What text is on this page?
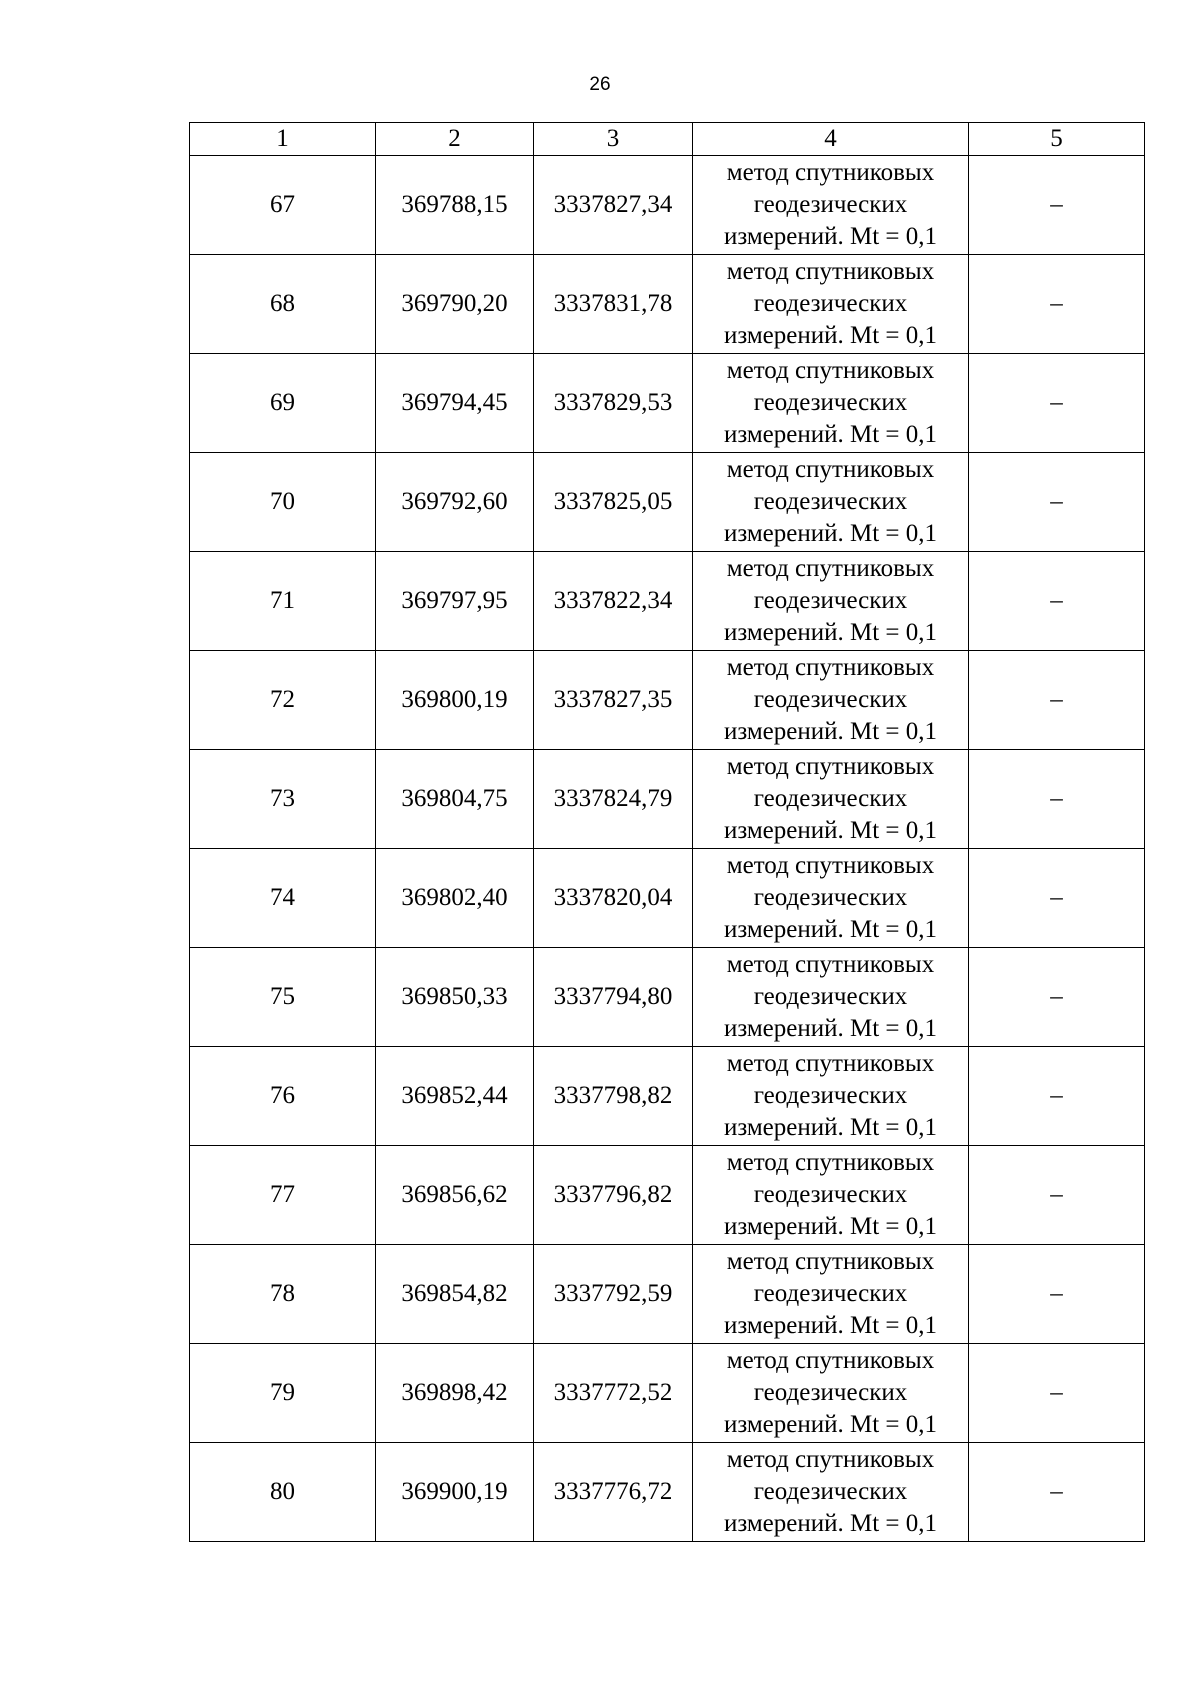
26
1	2	3	4	5
67	369788,15	3337827,34	метод спутниковых
геодезических
измерений. Mt = 0,1	–
68	369790,20	3337831,78	метод спутниковых
геодезических
измерений. Mt = 0,1	–
69	369794,45	3337829,53	метод спутниковых
геодезических
измерений. Mt = 0,1	–
70	369792,60	3337825,05	метод спутниковых
геодезических
измерений. Mt = 0,1	–
71	369797,95	3337822,34	метод спутниковых
геодезических
измерений. Mt = 0,1	–
72	369800,19	3337827,35	метод спутниковых
геодезических
измерений. Mt = 0,1	–
73	369804,75	3337824,79	метод спутниковых
геодезических
измерений. Mt = 0,1	–
74	369802,40	3337820,04	метод спутниковых
геодезических
измерений. Mt = 0,1	–
75	369850,33	3337794,80	метод спутниковых
геодезических
измерений. Mt = 0,1	–
76	369852,44	3337798,82	метод спутниковых
геодезических
измерений. Mt = 0,1	–
77	369856,62	3337796,82	метод спутниковых
геодезических
измерений. Mt = 0,1	–
78	369854,82	3337792,59	метод спутниковых
геодезических
измерений. Mt = 0,1	–
79	369898,42	3337772,52	метод спутниковых
геодезических
измерений. Mt = 0,1	–
80	369900,19	3337776,72	метод спутниковых
геодезических
измерений. Mt = 0,1	–
